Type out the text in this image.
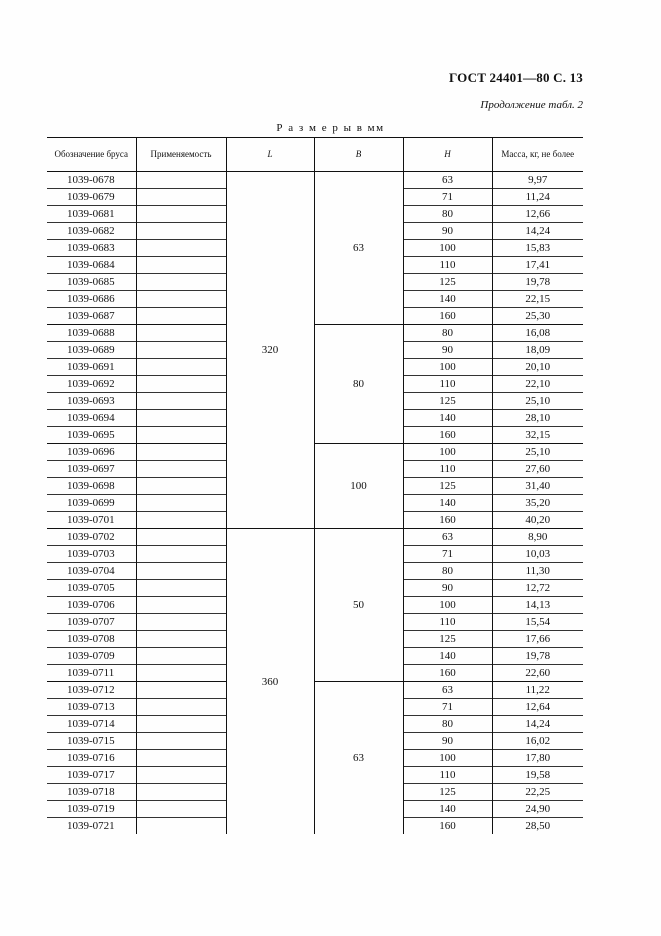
ГОСТ 24401—80 С. 13
Продолжение табл. 2
Р а з м е р ы в мм
Обозначение бруса	Применяемость	L	B	H	Масса, кг, не более
1039-0678		320	63	63	9,97
1039-0679				71	11,24
1039-0681				80	12,66
1039-0682				90	14,24
1039-0683				100	15,83
1039-0684				110	17,41
1039-0685				125	19,78
1039-0686				140	22,15
1039-0687				160	25,30
1039-0688			80	80	16,08
1039-0689				90	18,09
1039-0691				100	20,10
1039-0692				110	22,10
1039-0693				125	25,10
1039-0694				140	28,10
1039-0695				160	32,15
1039-0696			100	100	25,10
1039-0697				110	27,60
1039-0698				125	31,40
1039-0699				140	35,20
1039-0701				160	40,20
1039-0702		360	50	63	8,90
1039-0703				71	10,03
1039-0704				80	11,30
1039-0705				90	12,72
1039-0706				100	14,13
1039-0707				110	15,54
1039-0708				125	17,66
1039-0709				140	19,78
1039-0711				160	22,60
1039-0712			63	63	11,22
1039-0713				71	12,64
1039-0714				80	14,24
1039-0715				90	16,02
1039-0716				100	17,80
1039-0717				110	19,58
1039-0718				125	22,25
1039-0719				140	24,90
1039-0721				160	28,50
